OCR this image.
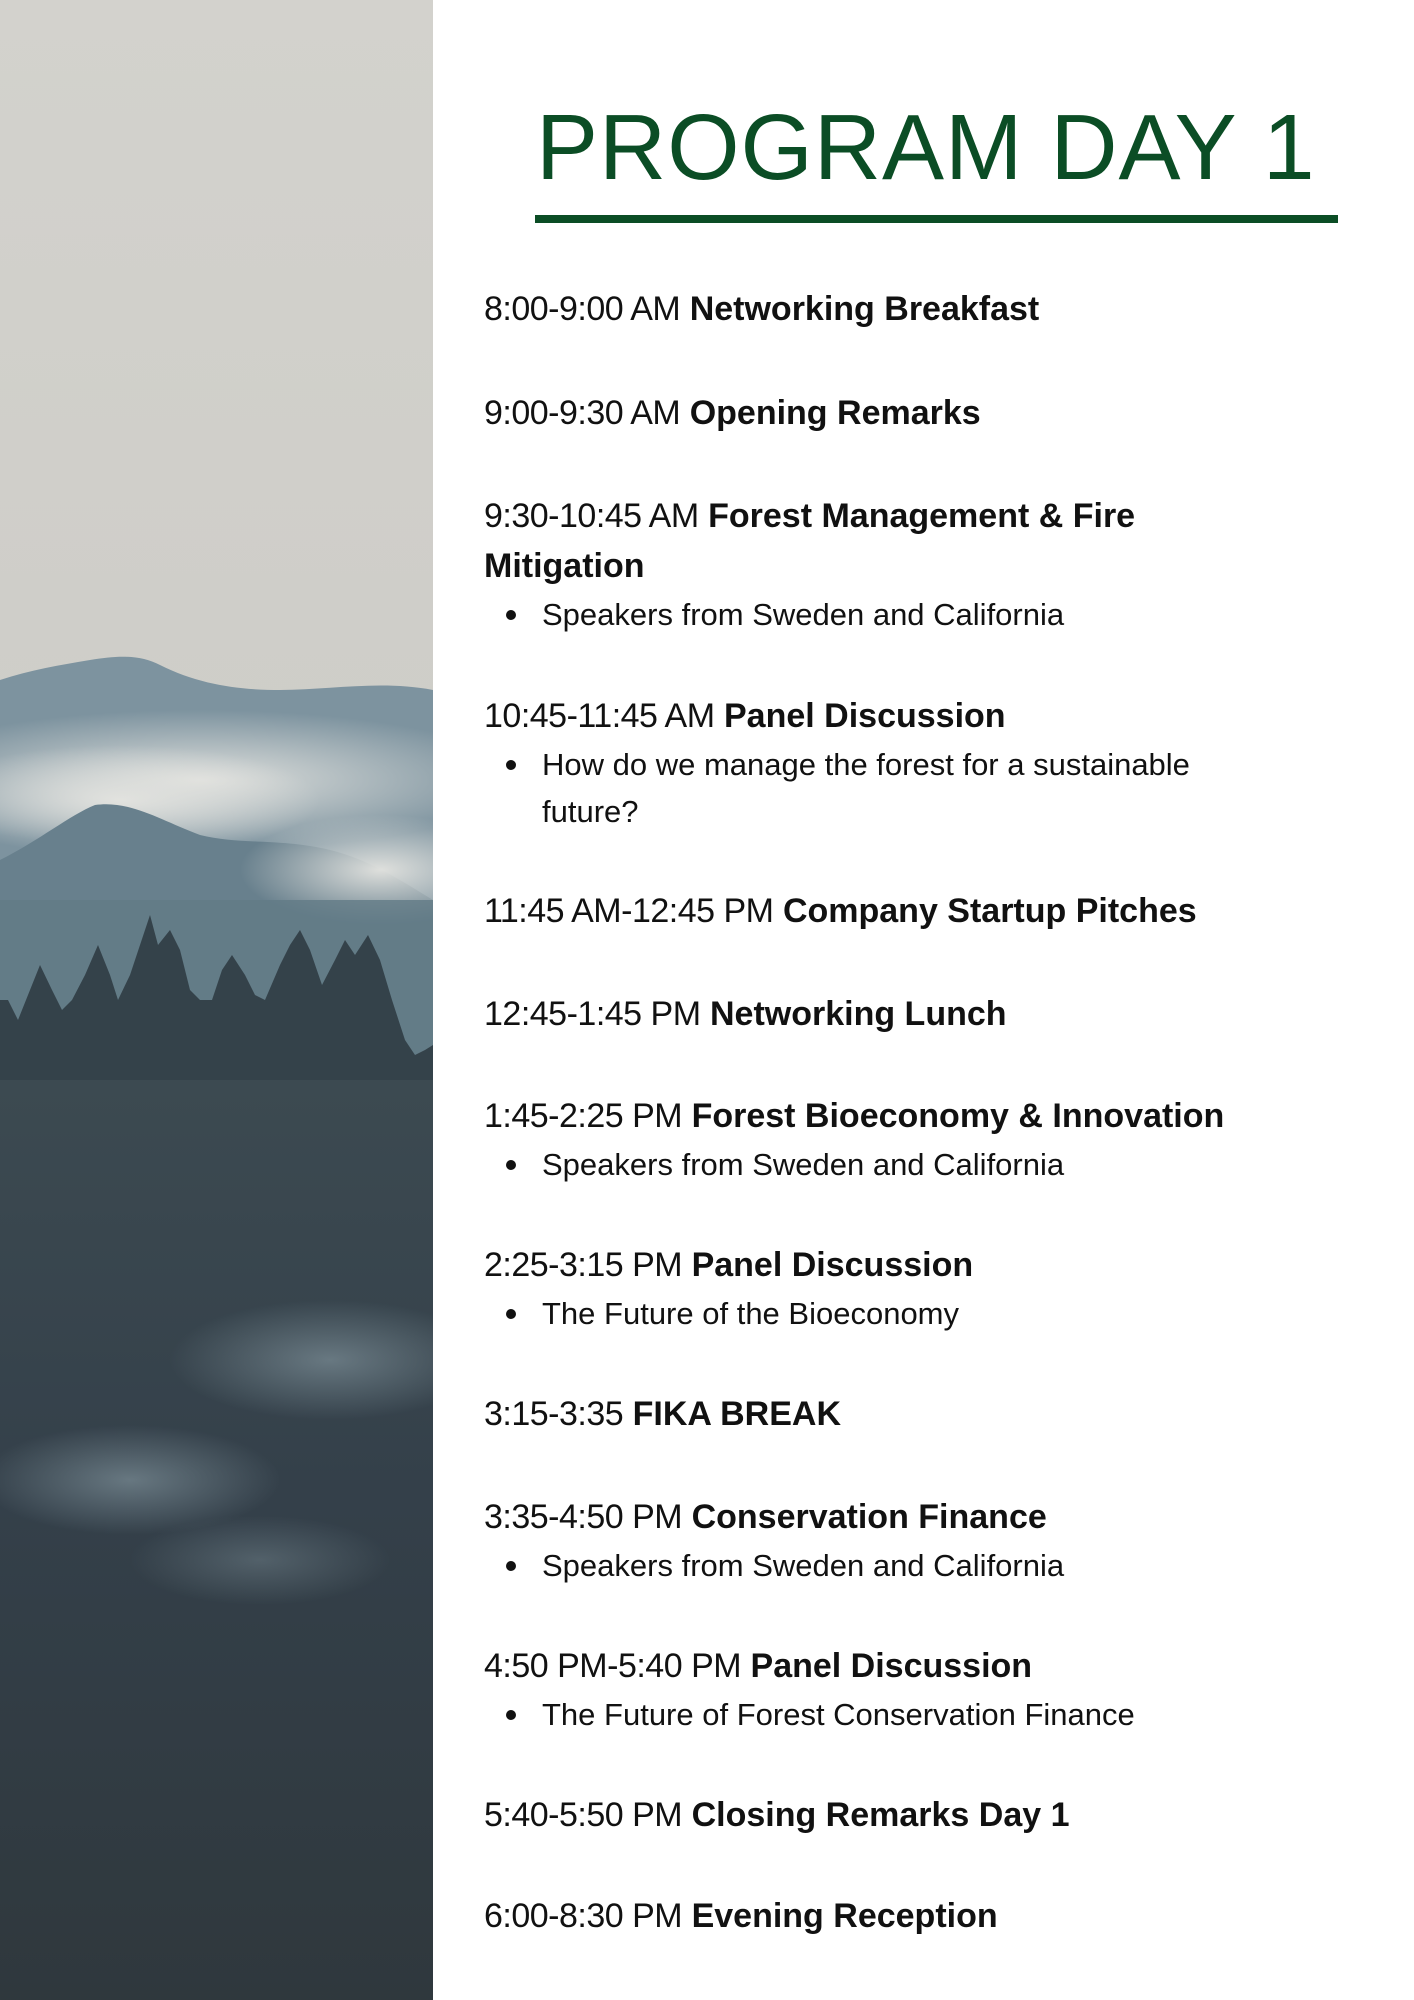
PROGRAM DAY 1
8:00-9:00 AM Networking Breakfast
9:00-9:30 AM Opening Remarks
9:30-10:45 AM Forest Management & Fire
Mitigation
Speakers from Sweden and California
10:45-11:45 AM Panel Discussion
How do we manage the forest for a sustainable
future?
11:45 AM-12:45 PM Company Startup Pitches
12:45-1:45 PM Networking Lunch
1:45-2:25 PM Forest Bioeconomy & Innovation
Speakers from Sweden and California
2:25-3:15 PM Panel Discussion
The Future of the Bioeconomy
3:15-3:35 FIKA BREAK
3:35-4:50 PM Conservation Finance
Speakers from Sweden and California
4:50 PM-5:40 PM Panel Discussion
The Future of Forest Conservation Finance
5:40-5:50 PM Closing Remarks Day 1
6:00-8:30 PM Evening Reception
